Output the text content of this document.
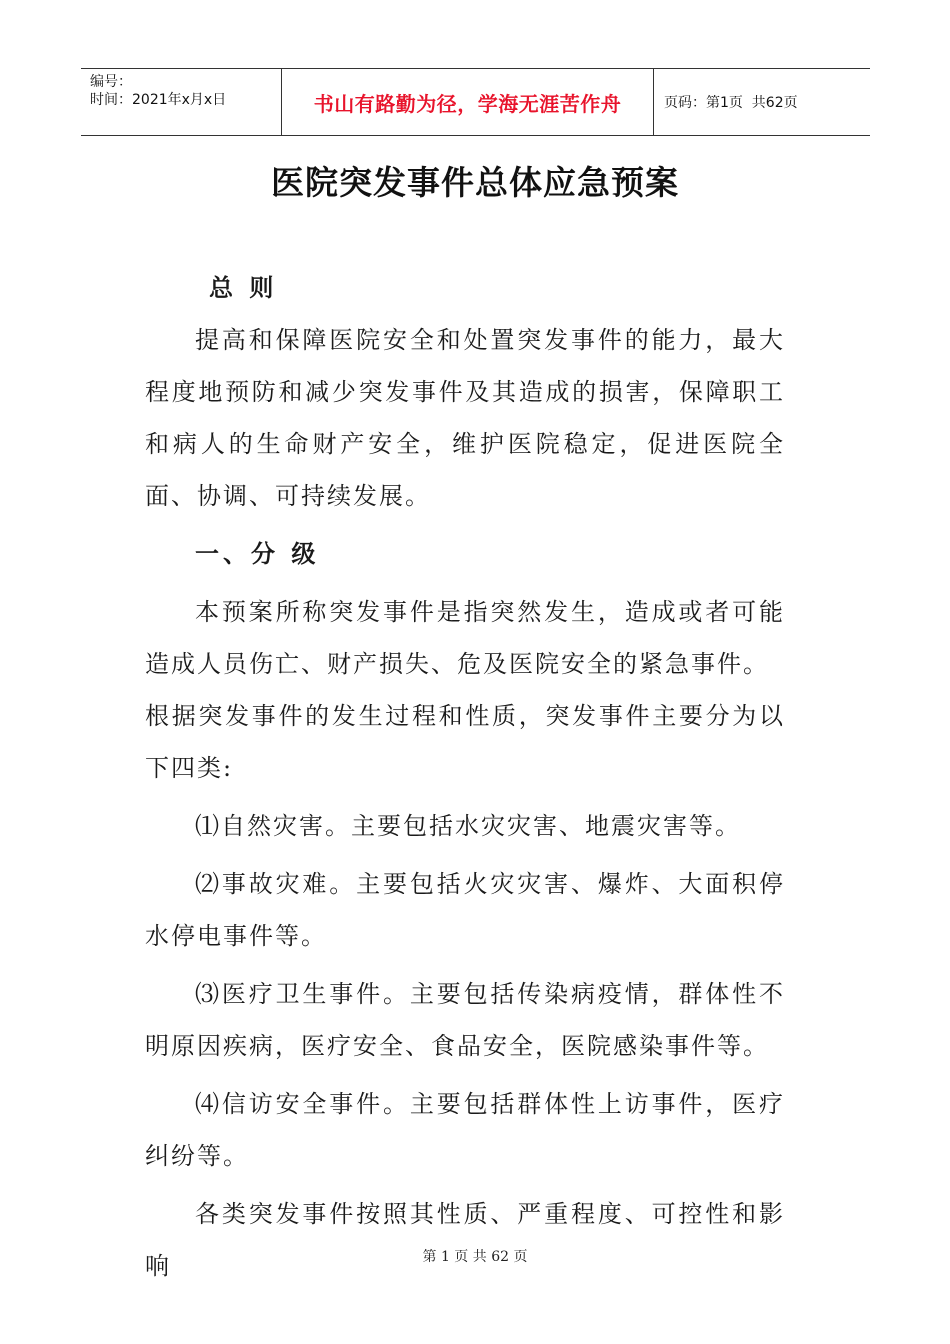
编号：
时间：2021年x月x日	书山有路勤为径，学海无涯苦作舟	页码：第1页  共62页
医院突发事件总体应急预案

总 则

提高和保障医院安全和处置突发事件的能力，最大程度地预防和减少突发事件及其造成的损害，保障职工和病人的生命财产安全，维护医院稳定，促进医院全面、协调、可持续发展。

一、分 级

本预案所称突发事件是指突然发生，造成或者可能造成人员伤亡、财产损失、危及医院安全的紧急事件。

根据突发事件的发生过程和性质，突发事件主要分为以下四类:

⑴自然灾害。主要包括水灾灾害、地震灾害等。

⑵事故灾难。主要包括火灾灾害、爆炸、大面积停水停电事件等。

⑶医疗卫生事件。主要包括传染病疫情，群体性不明原因疾病，医疗安全、食品安全，医院感染事件等。

⑷信访安全事件。主要包括群体性上访事件，医疗纠纷等。

各类突发事件按照其性质、严重程度、可控性和影响	第 1 页 共 62 页
